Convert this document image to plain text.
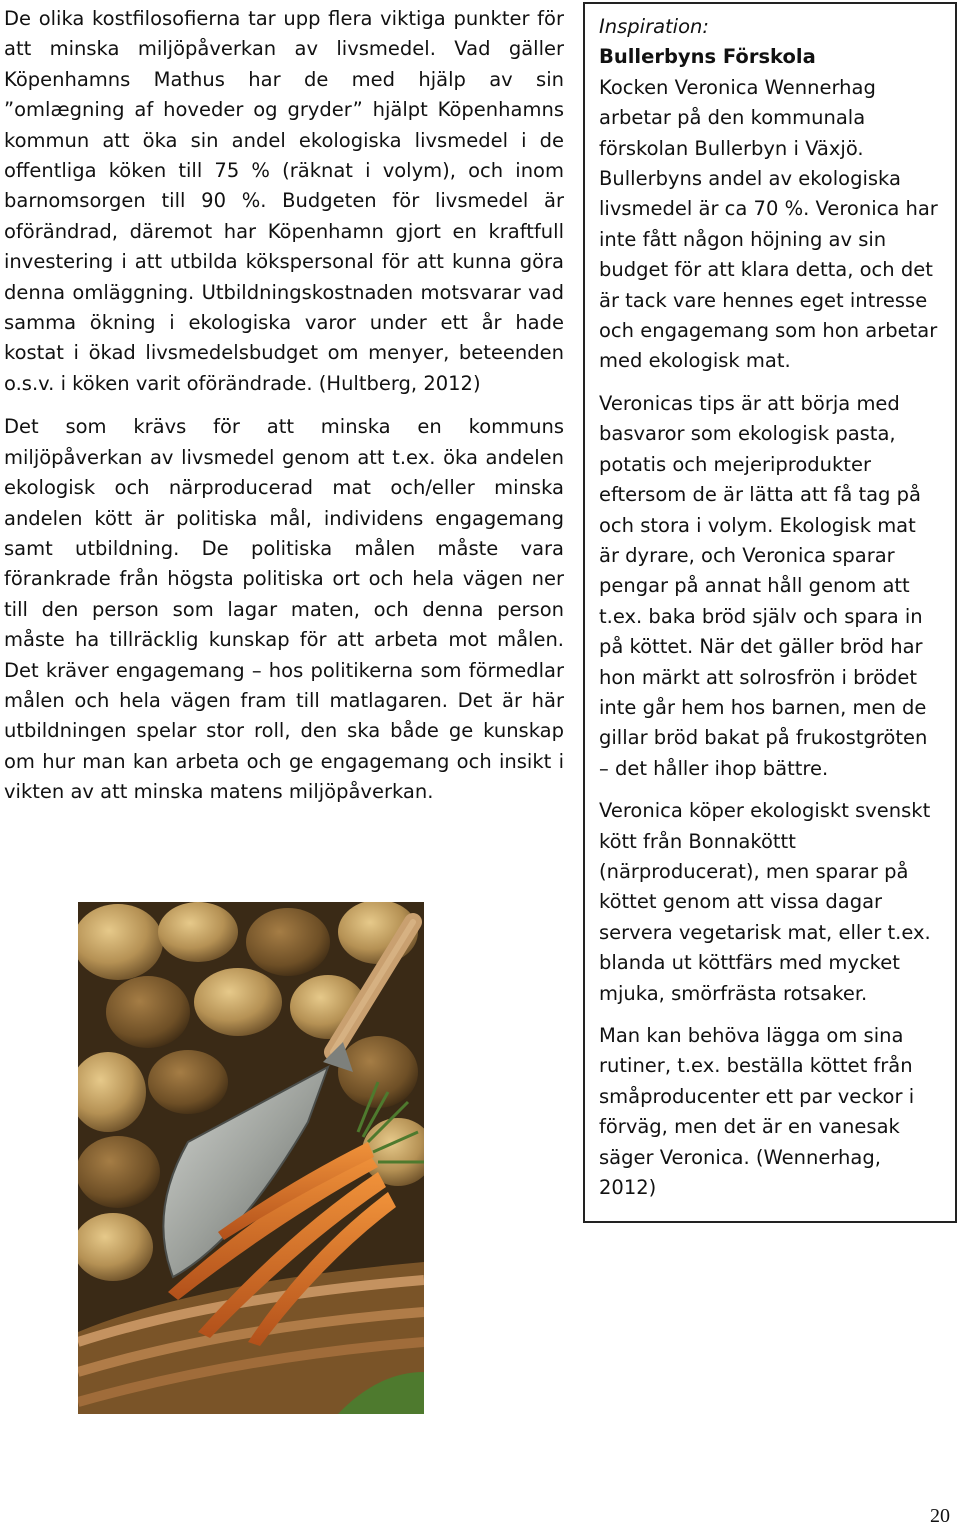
De olika kostfilosofierna tar upp flera viktiga punkter för att minska miljöpåverkan av livsmedel. Vad gäller Köpenhamns Mathus har de med hjälp av sin ”omlægning af hoveder og gryder” hjälpt Köpenhamns kommun att öka sin andel ekologiska livsmedel i de offentliga köken till 75 % (räknat i volym), och inom barnomsorgen till 90 %. Budgeten för livsmedel är oförändrad, däremot har Köpenhamn gjort en kraftfull investering i att utbilda kökspersonal för att kunna göra denna omläggning. Utbildningskostnaden motsvarar vad samma ökning i ekologiska varor under ett år hade kostat i ökad livsmedelsbudget om menyer, beteenden o.s.v. i köken varit oförändrade. (Hultberg, 2012)

Det som krävs för att minska en kommuns miljöpåverkan av livsmedel genom att t.ex. öka andelen ekologisk och närproducerad mat och/eller minska andelen kött är politiska mål, individens engagemang samt utbildning. De politiska målen måste vara förankrade från högsta politiska ort och hela vägen ner till den person som lagar maten, och denna person måste ha tillräcklig kunskap för att arbeta mot målen. Det kräver engagemang – hos politikerna som förmedlar målen och hela vägen fram till matlagaren. Det är här utbildningen spelar stor roll, den ska både ge kunskap om hur man kan arbeta och ge engagemang och insikt i vikten av att minska matens miljöpåverkan.

Inspiration:
Bullerbyns Förskola
Kocken Veronica Wennerhag arbetar på den kommunala förskolan Bullerbyn i Växjö. Bullerbyns andel av ekologiska livsmedel är ca 70 %. Veronica har inte fått någon höjning av sin budget för att klara detta, och det är tack vare hennes eget intresse och engagemang som hon arbetar med ekologisk mat.

Veronicas tips är att börja med basvaror som ekologisk pasta, potatis och mejeriprodukter eftersom de är lätta att få tag på och stora i volym. Ekologisk mat är dyrare, och Veronica sparar pengar på annat håll genom att t.ex. baka bröd själv och spara in på köttet. När det gäller bröd har hon märkt att solrosfrön i brödet inte går hem hos barnen, men de gillar bröd bakat på frukostgröten – det håller ihop bättre.

Veronica köper ekologiskt svenskt kött från Bonnaköttt (närproducerat), men sparar på köttet genom att vissa dagar servera vegetarisk mat, eller t.ex. blanda ut köttfärs med mycket mjuka, smörfrästa rotsaker.

Man kan behöva lägga om sina rutiner, t.ex. beställa köttet från småproducenter ett par veckor i förväg, men det är en vanesak säger Veronica. (Wennerhag, 2012)

20
